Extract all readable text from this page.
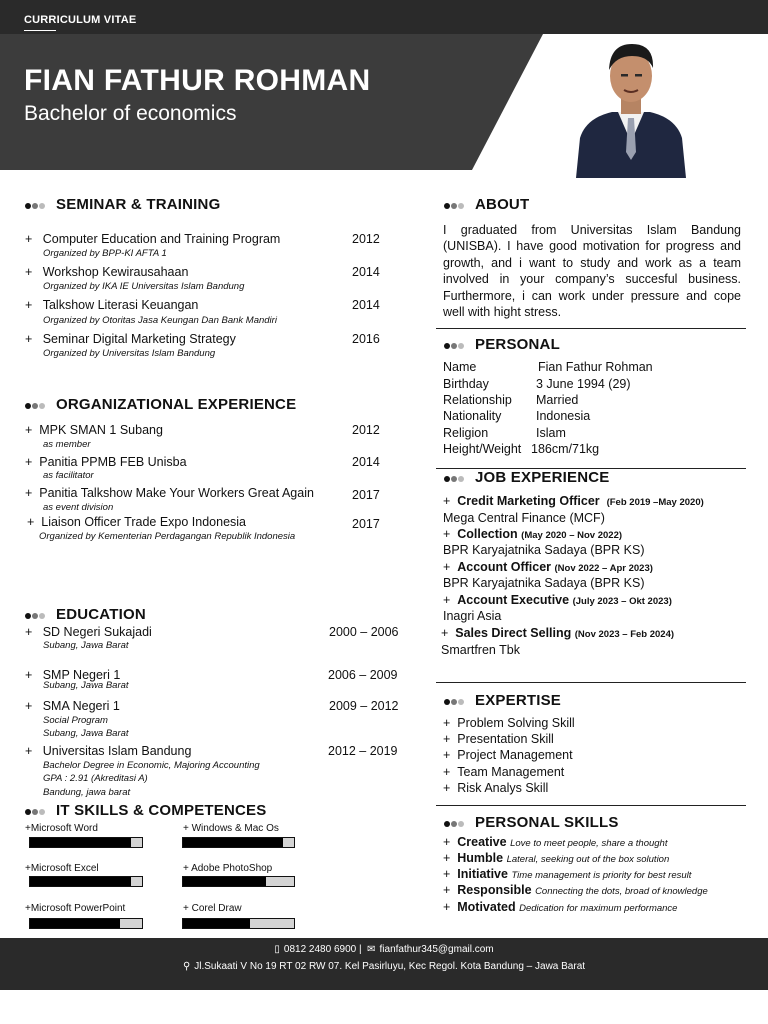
CURRICULUM VITAE
FIAN FATHUR ROHMAN
Bachelor of economics
SEMINAR & TRAINING
+   Computer Education and Training Program
Organized by BPP-KI AFTA 1
2012
+   Workshop Kewirausahaan
Organized by IKA IE Universitas Islam Bandung
2014
+   Talkshow Literasi Keuangan
Organized by Otoritas Jasa Keungan Dan Bank Mandiri
2014
+   Seminar Digital Marketing Strategy
Organized by Universitas Islam Bandung
2016
ORGANIZATIONAL EXPERIENCE
+  MPK SMAN 1 Subang
as member
2012
+  Panitia PPMB FEB Unisba
as facilitator
2014
+  Panitia Talkshow Make Your Workers Great Again
as event division
2017
+  Liaison Officer Trade Expo Indonesia
Organized by Kementerian Perdagangan Republik Indonesia
2017
EDUCATION
+   SD Negeri Sukajadi
Subang, Jawa Barat
2000 – 2006
+   SMP Negeri 1
Subang, Jawa Barat
2006 – 2009
+   SMA Negeri 1
Social Program
Subang, Jawa Barat
2009 – 2012
+   Universitas Islam Bandung
Bachelor Degree in Economic, Majoring Accounting
GPA : 2.91 (Akreditasi A)
Bandung, jawa barat
2012 – 2019
IT SKILLS & COMPETENCES
+Microsoft Word	+ Windows & Mac Os
+Microsoft Excel	+ Adobe PhotoShop
+Microsoft PowerPoint	+ Corel Draw
ABOUT
I graduated from Universitas Islam Bandung (UNISBA). I have good motivation for progress and growth, and i want to study and work as a team involved in your company’s succesful business. Furthermore, i can work under pressure and cope well with hight stress.
PERSONAL
Name	Fian Fathur Rohman
Birthday	3 June 1994 (29)
Relationship Married
Nationality	Indonesia
Religion	Islam
Height/Weight 186cm/71kg
JOB EXPERIENCE
+  Credit Marketing Officer (Feb 2019 –May 2020)
Mega Central Finance (MCF)
+  Collection (May 2020 – Nov 2022)
BPR Karyajatnika Sadaya (BPR KS)
+  Account Officer (Nov 2022 – Apr 2023)
BPR Karyajatnika Sadaya (BPR KS)
+  Account Executive (July 2023 – Okt 2023)
Inagri Asia
+  Sales Direct Selling (Nov 2023 – Feb 2024)
Smartfren Tbk
EXPERTISE
+  Problem Solving Skill
+  Presentation Skill
+  Project Management
+  Team Management
+  Risk Analys Skill
PERSONAL SKILLS
+  Creative Love to meet people, share a thought
+  Humble Lateral, seeking out of the box solution
+  Initiative Time management is priority for best result
+  Responsible Connecting the dots, broad of knowledge
+  Motivated Dedication for maximum performance
▯ 0812 2480 6900 | ✉ fianfathur345@gmail.com
⚲ Jl.Sukaati V No 19 RT 02 RW 07. Kel Pasirluyu, Kec Regol. Kota Bandung – Jawa Barat
